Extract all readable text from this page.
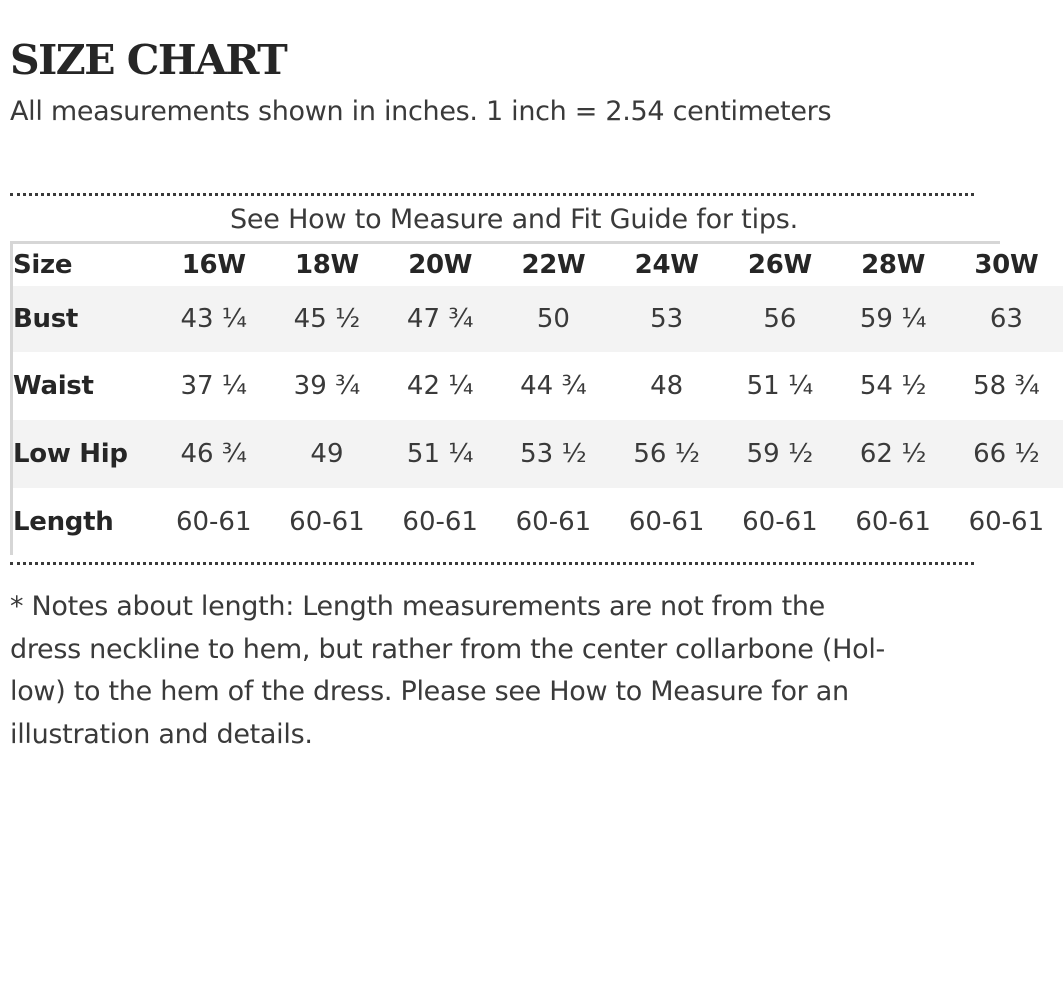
SIZE CHART

All measurements shown in inches. 1 inch = 2.54 centimeters

See How to Measure and Fit Guide for tips.
Size	16W	18W	20W	22W	24W	26W	28W	30W
Bust	43 ¼	45 ½	47 ¾	50	53	56	59 ¼	63
Waist	37 ¼	39 ¾	42 ¼	44 ¾	48	51 ¼	54 ½	58 ¾
Low Hip	46 ¾	49	51 ¼	53 ½	56 ½	59 ½	62 ½	66 ½
Length	60-61	60-61	60-61	60-61	60-61	60-61	60-61	60-61

* Notes about length: Length measurements are not from the
dress neckline to hem, but rather from the center collarbone (Hol-
low) to the hem of the dress. Please see How to Measure for an
illustration and details.
